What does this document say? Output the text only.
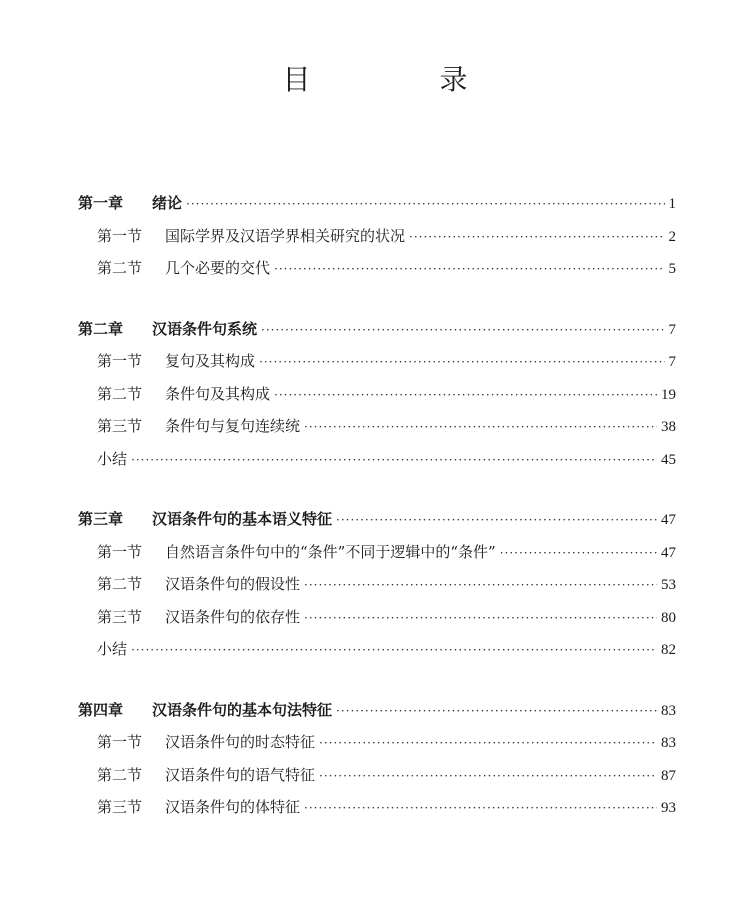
目 录
第一章	绪论 ·····	1
第一节	国际学界及汉语学界相关研究的状况 ·····	2
第二节	几个必要的交代 ·····	5
第二章	汉语条件句系统 ·····	7
第一节	复句及其构成 ·····	7
第二节	条件句及其构成 ·····	19
第三节	条件句与复句连续统 ·····	38
小结 ·····	45
第三章	汉语条件句的基本语义特征 ·····	47
第一节	自然语言条件句中的“条件”不同于逻辑中的“条件” ·····	47
第二节	汉语条件句的假设性 ·····	53
第三节	汉语条件句的依存性 ·····	80
小结 ·····	82
第四章	汉语条件句的基本句法特征 ·····	83
第一节	汉语条件句的时态特征 ·····	83
第二节	汉语条件句的语气特征 ·····	87
第三节	汉语条件句的体特征 ·····	93
